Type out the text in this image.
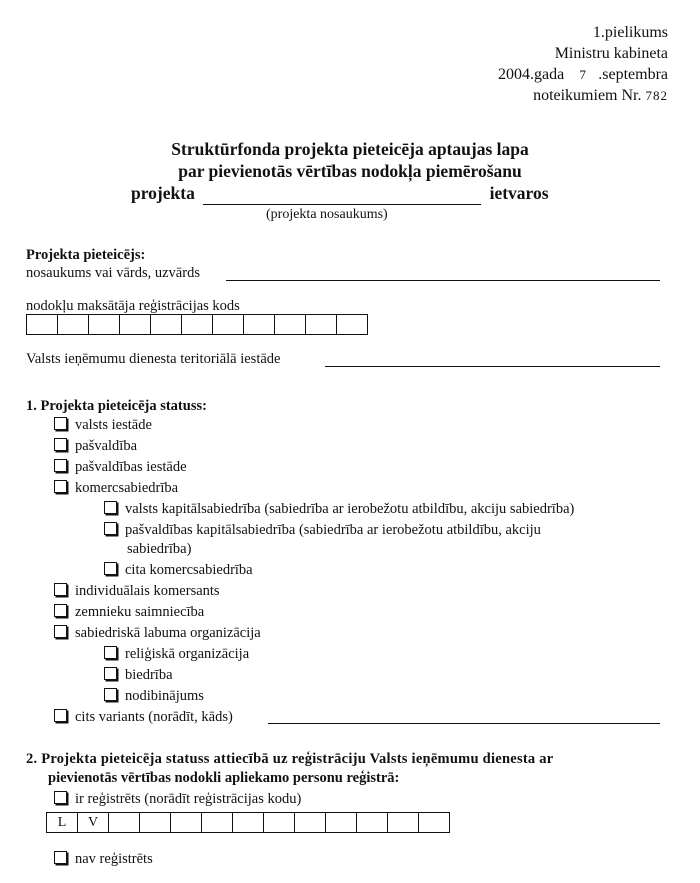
1.pielikums
Ministru kabineta
2004.gada 7 .septembra
noteikumiem Nr. 782
Struktūrfonda projekta pieteicēja aptaujas lapa
par pievienotās vērtības nodokļa piemērošanu
projekta	ietvaros
(projekta nosaukums)
Projekta pieteicējs:
nosaukums vai vārds, uzvārds
nodokļu maksātāja reģistrācijas kods
Valsts ieņēmumu dienesta teritoriālā iestāde
1. Projekta pieteicēja statuss:
valsts iestāde
pašvaldība
pašvaldības iestāde
komercsabiedrība
valsts kapitālsabiedrība (sabiedrība ar ierobežotu atbildību, akciju sabiedrība)
pašvaldības kapitālsabiedrība (sabiedrība ar ierobežotu atbildību, akciju
sabiedrība)
cita komercsabiedrība
individuālais komersants
zemnieku saimniecība
sabiedriskā labuma organizācija
reliģiskā organizācija
biedrība
nodibinājums
cits variants (norādīt, kāds)
2. Projekta pieteicēja statuss attiecībā uz reģistrāciju Valsts ieņēmumu dienesta ar
pievienotās vērtības nodokli apliekamo personu reģistrā:
ir reģistrēts (norādīt reģistrācijas kodu)
L	V
nav reģistrēts
